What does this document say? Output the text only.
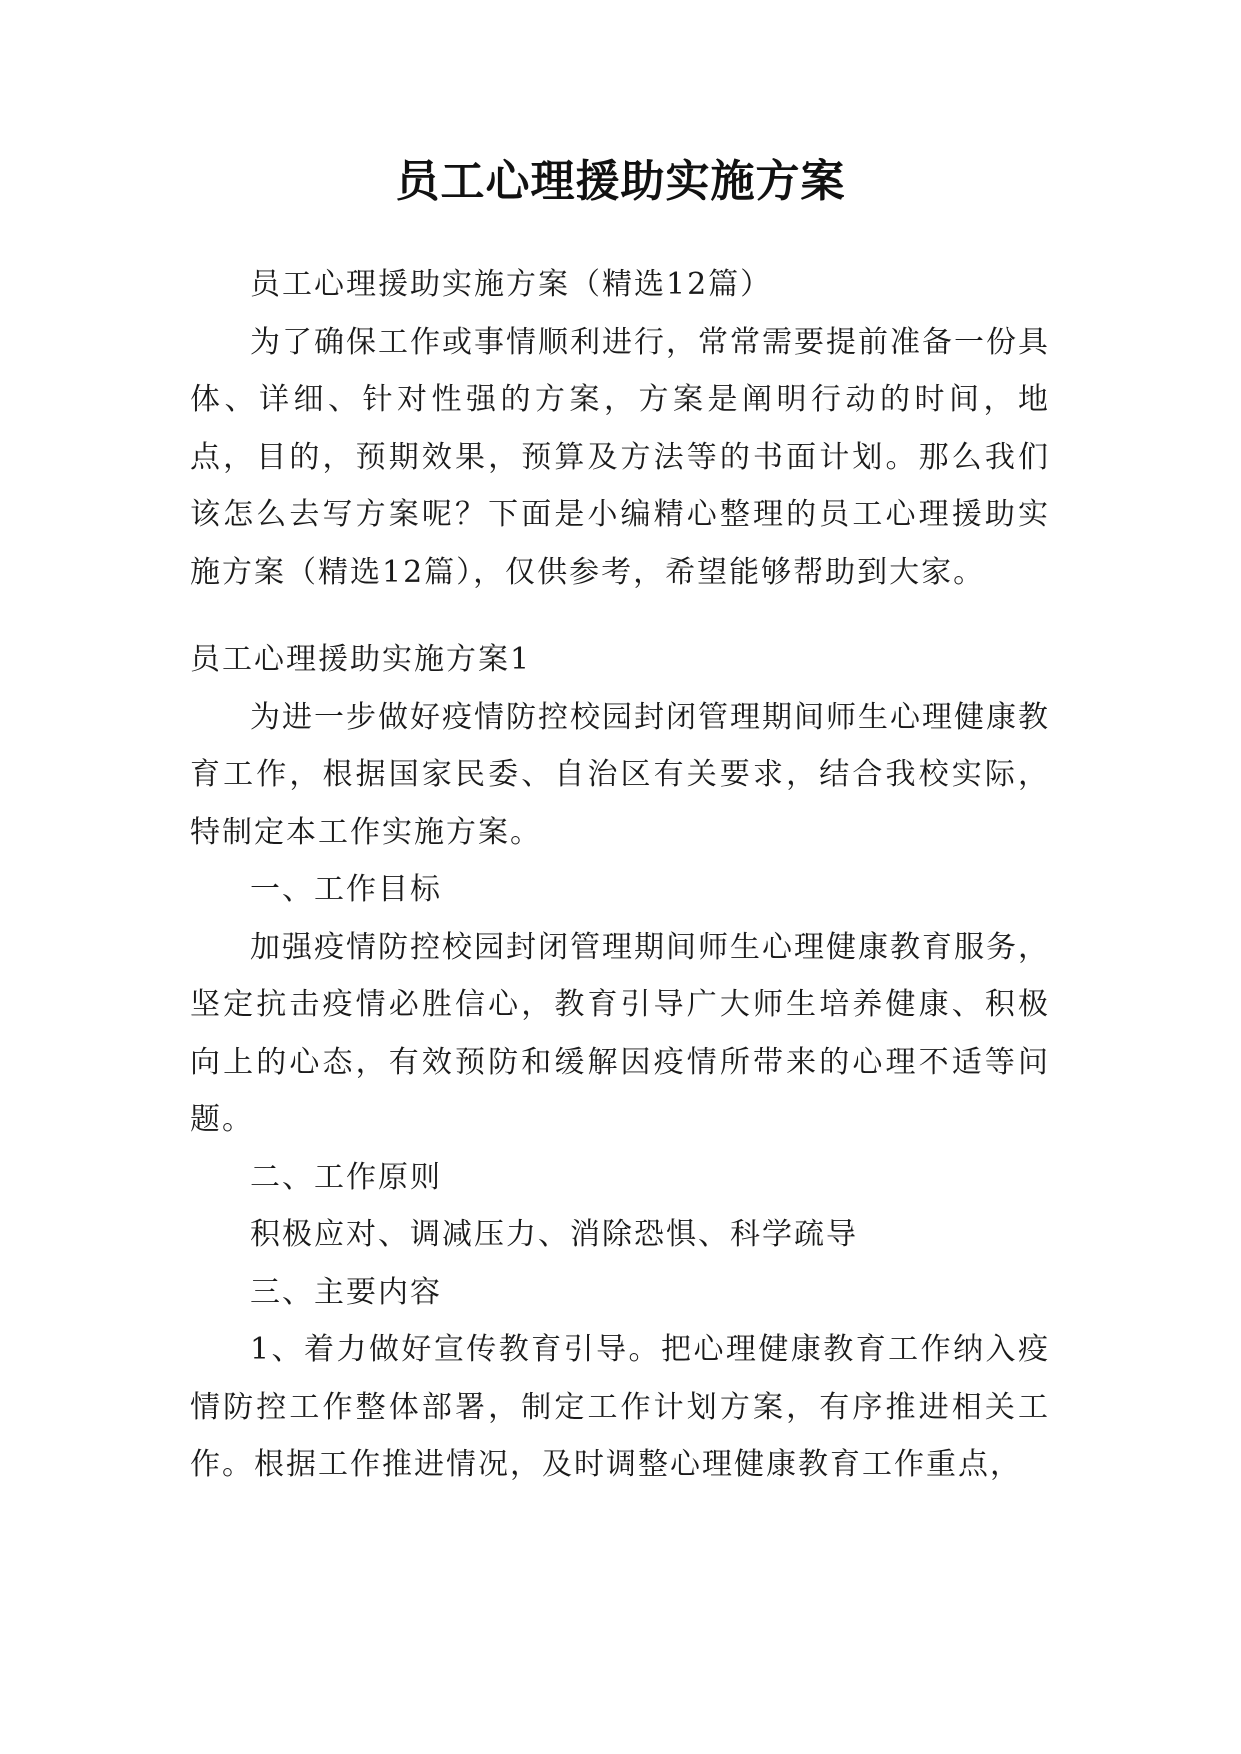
员工心理援助实施方案

员工心理援助实施方案（精选12篇）

为了确保工作或事情顺利进行，常常需要提前准备一份具体、详细、针对性强的方案，方案是阐明行动的时间，地点，目的，预期效果，预算及方法等的书面计划。那么我们该怎么去写方案呢？下面是小编精心整理的员工心理援助实施方案（精选12篇），仅供参考，希望能够帮助到大家。

员工心理援助实施方案1

为进一步做好疫情防控校园封闭管理期间师生心理健康教育工作，根据国家民委、自治区有关要求，结合我校实际，特制定本工作实施方案。

一、工作目标

加强疫情防控校园封闭管理期间师生心理健康教育服务，坚定抗击疫情必胜信心，教育引导广大师生培养健康、积极向上的心态，有效预防和缓解因疫情所带来的心理不适等问题。

二、工作原则

积极应对、调减压力、消除恐惧、科学疏导

三、主要内容

1、着力做好宣传教育引导。把心理健康教育工作纳入疫情防控工作整体部署，制定工作计划方案，有序推进相关工作。根据工作推进情况，及时调整心理健康教育工作重点，
